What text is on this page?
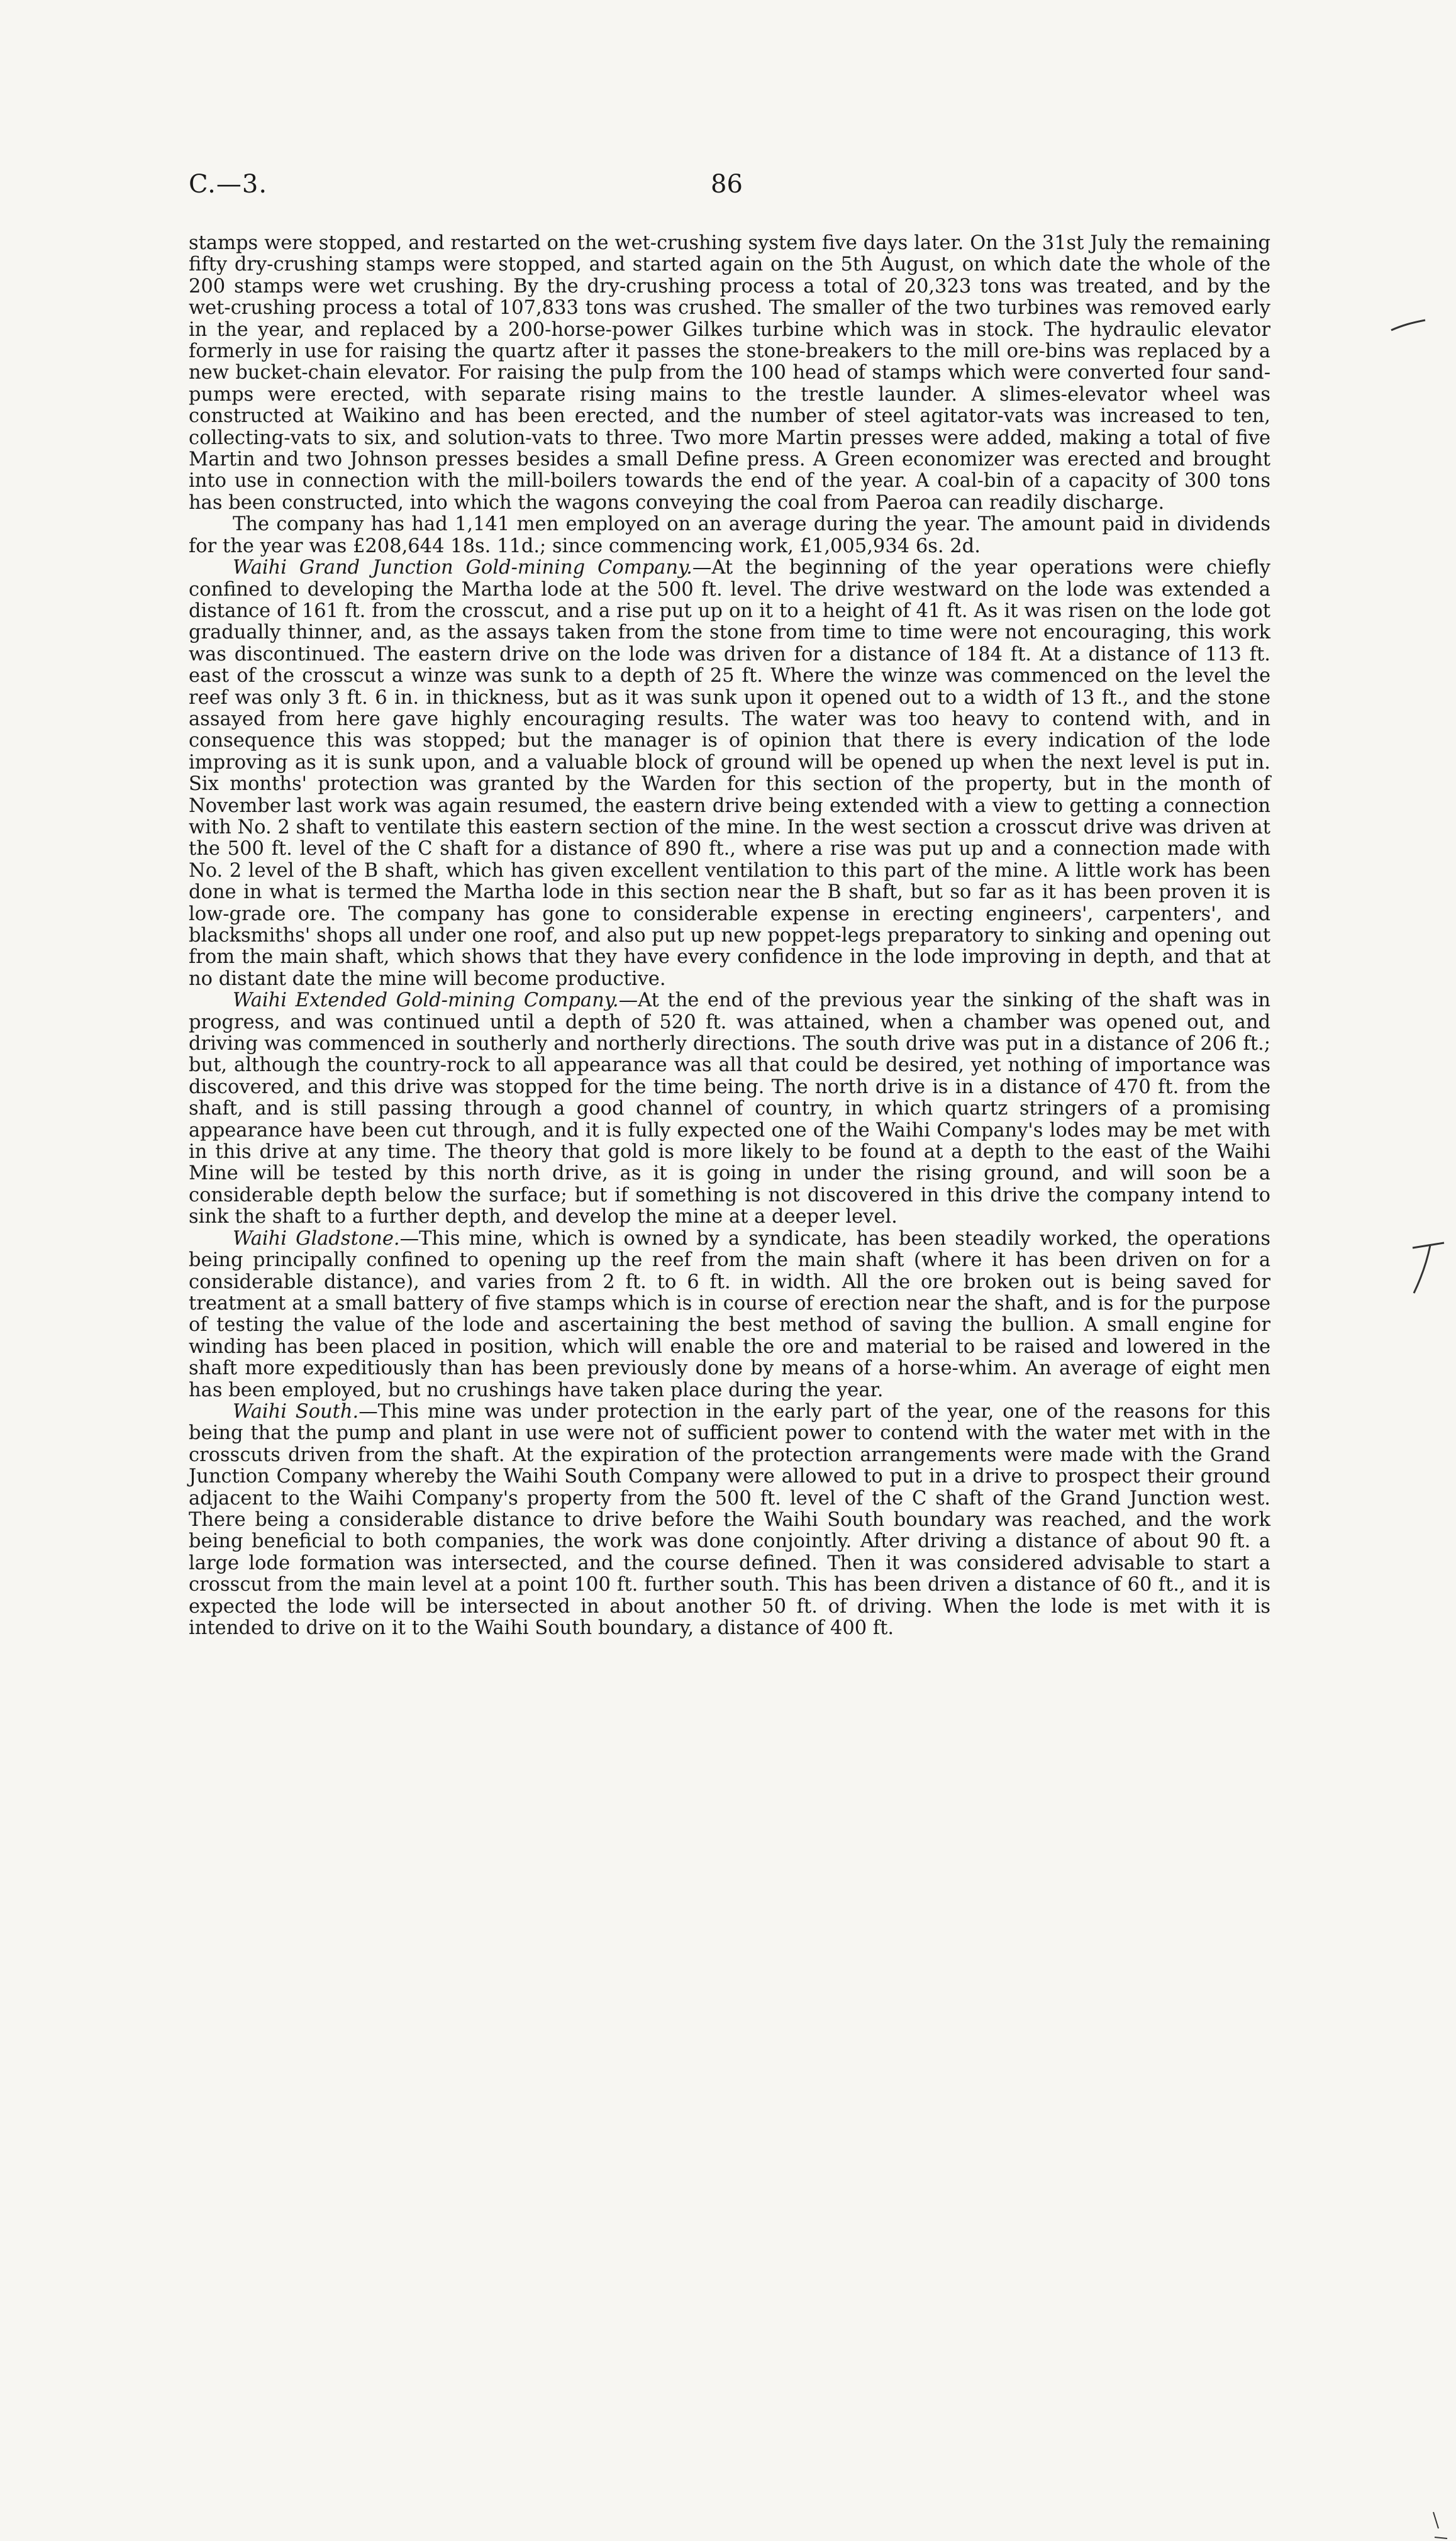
C.—3.	86

stamps were stopped, and restarted on the wet-crushing system five days later. On the 31st July the remaining fifty dry-crushing stamps were stopped, and started again on the 5th August, on which date the whole of the 200 stamps were wet crushing. By the dry-crushing process a total of 20,323 tons was treated, and by the wet-crushing process a total of 107,833 tons was crushed. The smaller of the two turbines was removed early in the year, and replaced by a 200-horse-power Gilkes turbine which was in stock. The hydraulic elevator formerly in use for raising the quartz after it passes the stone-breakers to the mill ore-bins was replaced by a new bucket-chain elevator. For raising the pulp from the 100 head of stamps which were converted four sand-pumps were erected, with separate rising mains to the trestle launder. A slimes-elevator wheel was constructed at Waikino and has been erected, and the number of steel agitator-vats was increased to ten, collecting-vats to six, and solution-vats to three. Two more Martin presses were added, making a total of five Martin and two Johnson presses besides a small Define press. A Green economizer was erected and brought into use in connection with the mill-boilers towards the end of the year. A coal-bin of a capacity of 300 tons has been constructed, into which the wagons conveying the coal from Paeroa can readily discharge.

The company has had 1,141 men employed on an average during the year. The amount paid in dividends for the year was £208,644 18s. 11d.; since commencing work, £1,005,934 6s. 2d.

Waihi Grand Junction Gold-mining Company.—At the beginning of the year operations were chiefly confined to developing the Martha lode at the 500 ft. level. The drive westward on the lode was extended a distance of 161 ft. from the crosscut, and a rise put up on it to a height of 41 ft. As it was risen on the lode got gradually thinner, and, as the assays taken from the stone from time to time were not encouraging, this work was discontinued. The eastern drive on the lode was driven for a distance of 184 ft. At a distance of 113 ft. east of the crosscut a winze was sunk to a depth of 25 ft. Where the winze was commenced on the level the reef was only 3 ft. 6 in. in thickness, but as it was sunk upon it opened out to a width of 13 ft., and the stone assayed from here gave highly encouraging results. The water was too heavy to contend with, and in consequence this was stopped; but the manager is of opinion that there is every indication of the lode improving as it is sunk upon, and a valuable block of ground will be opened up when the next level is put in. Six months' protection was granted by the Warden for this section of the property, but in the month of November last work was again resumed, the eastern drive being extended with a view to getting a connection with No. 2 shaft to ventilate this eastern section of the mine. In the west section a crosscut drive was driven at the 500 ft. level of the C shaft for a distance of 890 ft., where a rise was put up and a connection made with No. 2 level of the B shaft, which has given excellent ventilation to this part of the mine. A little work has been done in what is termed the Martha lode in this section near the B shaft, but so far as it has been proven it is low-grade ore. The company has gone to considerable expense in erecting engineers', carpenters', and blacksmiths' shops all under one roof, and also put up new poppet-legs preparatory to sinking and opening out from the main shaft, which shows that they have every confidence in the lode improving in depth, and that at no distant date the mine will become productive.

Waihi Extended Gold-mining Company.—At the end of the previous year the sinking of the shaft was in progress, and was continued until a depth of 520 ft. was attained, when a chamber was opened out, and driving was commenced in southerly and northerly directions. The south drive was put in a distance of 206 ft.; but, although the country-rock to all appearance was all that could be desired, yet nothing of importance was discovered, and this drive was stopped for the time being. The north drive is in a distance of 470 ft. from the shaft, and is still passing through a good channel of country, in which quartz stringers of a promising appearance have been cut through, and it is fully expected one of the Waihi Company's lodes may be met with in this drive at any time. The theory that gold is more likely to be found at a depth to the east of the Waihi Mine will be tested by this north drive, as it is going in under the rising ground, and will soon be a considerable depth below the surface; but if something is not discovered in this drive the company intend to sink the shaft to a further depth, and develop the mine at a deeper level.

Waihi Gladstone.—This mine, which is owned by a syndicate, has been steadily worked, the operations being principally confined to opening up the reef from the main shaft (where it has been driven on for a considerable distance), and varies from 2 ft. to 6 ft. in width. All the ore broken out is being saved for treatment at a small battery of five stamps which is in course of erection near the shaft, and is for the purpose of testing the value of the lode and ascertaining the best method of saving the bullion. A small engine for winding has been placed in position, which will enable the ore and material to be raised and lowered in the shaft more expeditiously than has been previously done by means of a horse-whim. An average of eight men has been employed, but no crushings have taken place during the year.

Waihi South.—This mine was under protection in the early part of the year, one of the reasons for this being that the pump and plant in use were not of sufficient power to contend with the water met with in the crosscuts driven from the shaft. At the expiration of the protection arrangements were made with the Grand Junction Company whereby the Waihi South Company were allowed to put in a drive to prospect their ground adjacent to the Waihi Company's property from the 500 ft. level of the C shaft of the Grand Junction west. There being a considerable distance to drive before the Waihi South boundary was reached, and the work being beneficial to both companies, the work was done conjointly. After driving a distance of about 90 ft. a large lode formation was intersected, and the course defined. Then it was considered advisable to start a crosscut from the main level at a point 100 ft. further south. This has been driven a distance of 60 ft., and it is expected the lode will be intersected in about another 50 ft. of driving. When the lode is met with it is intended to drive on it to the Waihi South boundary, a distance of 400 ft.
